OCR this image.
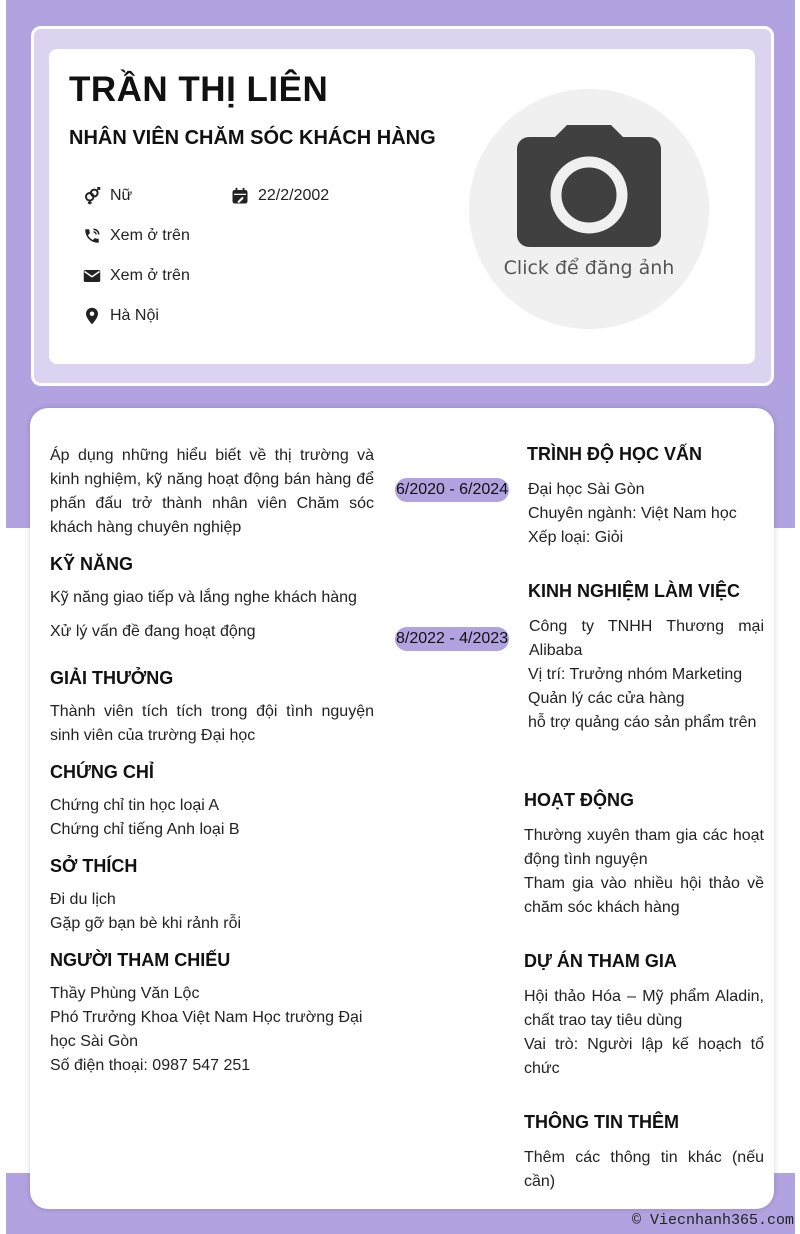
TRẦN THỊ LIÊN
NHÂN VIÊN CHĂM SÓC KHÁCH HÀNG
Nữ	22/2/2002
Xem ở trên
Xem ở trên
Hà Nội
Click để đăng ảnh
Áp dụng những hiểu biết về thị trường và kinh nghiệm, kỹ năng hoạt động bán hàng để phấn đấu trở thành nhân viên Chăm sóc khách hàng chuyên nghiệp
KỸ NĂNG
Kỹ năng giao tiếp và lắng nghe khách hàng
Xử lý vấn đề đang hoạt động
GIẢI THƯỞNG
Thành viên tích tích trong đội tình nguyện sinh viên của trường Đại học
CHỨNG CHỈ
Chứng chỉ tin học loại A
Chứng chỉ tiếng Anh loại B
SỞ THÍCH
Đi du lịch
Gặp gỡ bạn bè khi rảnh rỗi
NGƯỜI THAM CHIẾU
Thầy Phùng Văn Lộc
Phó Trưởng Khoa Việt Nam Học trường Đại học Sài Gòn
Số điện thoại: 0987 547 251
6/2020 - 6/2024
8/2022 - 4/2023
TRÌNH ĐỘ HỌC VẤN
Đại học Sài Gòn
Chuyên ngành: Việt Nam học
Xếp loại: Giỏi
KINH NGHIỆM LÀM VIỆC
Công ty TNHH Thương mại Alibaba
Vị trí: Trưởng nhóm Marketing
Quản lý các cửa hàng
hỗ trợ quảng cáo sản phẩm trên
HOẠT ĐỘNG
Thường xuyên tham gia các hoạt động tình nguyện
Tham gia vào nhiều hội thảo về chăm sóc khách hàng
DỰ ÁN THAM GIA
Hội thảo Hóa – Mỹ phẩm Aladin, chất trao tay tiêu dùng
Vai trò: Người lập kế hoạch tổ chức
THÔNG TIN THÊM
Thêm các thông tin khác (nếu cần)
© Viecnhanh365.com
